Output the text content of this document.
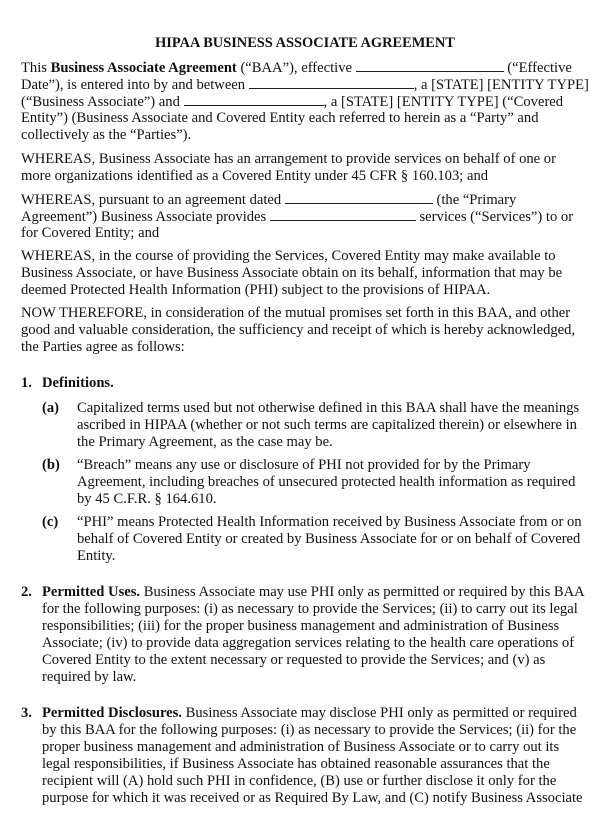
HIPAA BUSINESS ASSOCIATE AGREEMENT
This Business Associate Agreement (“BAA”), effective	(“Effective
Date”), is entered into by and between	, a [STATE] [ENTITY TYPE]
(“Business Associate”) and	, a [STATE] [ENTITY TYPE] (“Covered
Entity”) (Business Associate and Covered Entity each referred to herein as a “Party” and
collectively as the “Parties”).
WHEREAS, Business Associate has an arrangement to provide services on behalf of one or
more organizations identified as a Covered Entity under 45 CFR § 160.103; and
WHEREAS, pursuant to an agreement dated	(the “Primary
Agreement”) Business Associate provides	services (“Services”) to or
for Covered Entity; and
WHEREAS, in the course of providing the Services, Covered Entity may make available to
Business Associate, or have Business Associate obtain on its behalf, information that may be
deemed Protected Health Information (PHI) subject to the provisions of HIPAA.
NOW THEREFORE, in consideration of the mutual promises set forth in this BAA, and other
good and valuable consideration, the sufficiency and receipt of which is hereby acknowledged,
the Parties agree as follows:
1. Definitions.
(a) Capitalized terms used but not otherwise defined in this BAA shall have the meanings
ascribed in HIPAA (whether or not such terms are capitalized therein) or elsewhere in
the Primary Agreement, as the case may be.
(b) “Breach” means any use or disclosure of PHI not provided for by the Primary
Agreement, including breaches of unsecured protected health information as required
by 45 C.F.R. § 164.610.
(c) “PHI” means Protected Health Information received by Business Associate from or on
behalf of Covered Entity or created by Business Associate for or on behalf of Covered
Entity.
2. Permitted Uses. Business Associate may use PHI only as permitted or required by this BAA
for the following purposes: (i) as necessary to provide the Services; (ii) to carry out its legal
responsibilities; (iii) for the proper business management and administration of Business
Associate; (iv) to provide data aggregation services relating to the health care operations of
Covered Entity to the extent necessary or requested to provide the Services; and (v) as
required by law.
3. Permitted Disclosures. Business Associate may disclose PHI only as permitted or required
by this BAA for the following purposes: (i) as necessary to provide the Services; (ii) for the
proper business management and administration of Business Associate or to carry out its
legal responsibilities, if Business Associate has obtained reasonable assurances that the
recipient will (A) hold such PHI in confidence, (B) use or further disclose it only for the
purpose for which it was received or as Required By Law, and (C) notify Business Associate
